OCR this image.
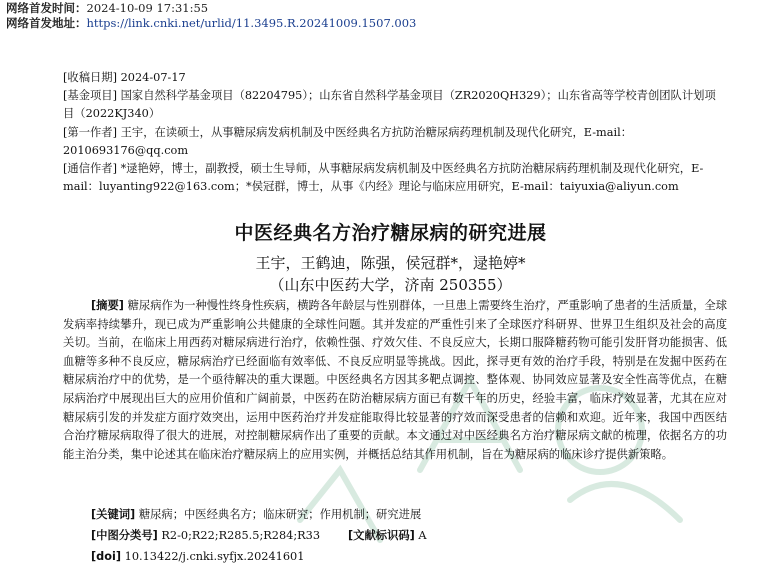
网络首发时间：2024-10-09 17:31:55
网络首发地址：https://link.cnki.net/urlid/11.3495.R.20241009.1507.003

[收稿日期] 2024-07-17

[基金项目] 国家自然科学基金项目（82204795）；山东省自然科学基金项目（ZR2020QH329）；山东省高等学校青创团队计划项目（2022KJ340）

[第一作者] 王宇，在读硕士，从事糖尿病发病机制及中医经典名方抗防治糖尿病药理机制及现代化研究，E-mail：2010693176@qq.com

[通信作者] *逯艳婷，博士，副教授，硕士生导师，从事糖尿病发病机制及中医经典名方抗防治糖尿病药理机制及现代化研究，E-mail：luyanting922@163.com；*侯冠群，博士，从事《内经》理论与临床应用研究，E-mail：taiyuxia@aliyun.com

中医经典名方治疗糖尿病的研究进展
王宇，王鹤迪，陈强，侯冠群*，逯艳婷*
（山东中医药大学，济南 250355）

[摘要] 糖尿病作为一种慢性终身性疾病，横跨各年龄层与性别群体，一旦患上需要终生治疗，严重影响了患者的生活质量，全球发病率持续攀升，现已成为严重影响公共健康的全球性问题。其并发症的严重性引来了全球医疗科研界、世界卫生组织及社会的高度关切。当前，在临床上用西药对糖尿病进行治疗，依赖性强、疗效欠佳、不良反应大，长期口服降糖药物可能引发肝肾功能损害、低血糖等多种不良反应，糖尿病治疗已经面临有效率低、不良反应明显等挑战。因此，探寻更有效的治疗手段，特别是在发掘中医药在糖尿病治疗中的优势，是一个亟待解决的重大课题。中医经典名方因其多靶点调控、整体观、协同效应显著及安全性高等优点，在糖尿病治疗中展现出巨大的应用价值和广阔前景，中医药在防治糖尿病方面已有数千年的历史，经验丰富，临床疗效显著，尤其在应对糖尿病引发的并发症方面疗效突出，运用中医药治疗并发症能取得比较显著的疗效而深受患者的信赖和欢迎。近年来，我国中西医结合治疗糖尿病取得了很大的进展，对控制糖尿病作出了重要的贡献。本文通过对中医经典名方治疗糖尿病文献的梳理，依据名方的功能主治分类，集中论述其在临床治疗糖尿病上的应用实例，并概括总结其作用机制，旨在为糖尿病的临床诊疗提供新策略。

[关键词] 糖尿病；中医经典名方；临床研究；作用机制；研究进展
[中图分类号] R2-0;R22;R285.5;R284;R33 [文献标识码] A
[doi] 10.13422/j.cnki.syfjx.20241601
